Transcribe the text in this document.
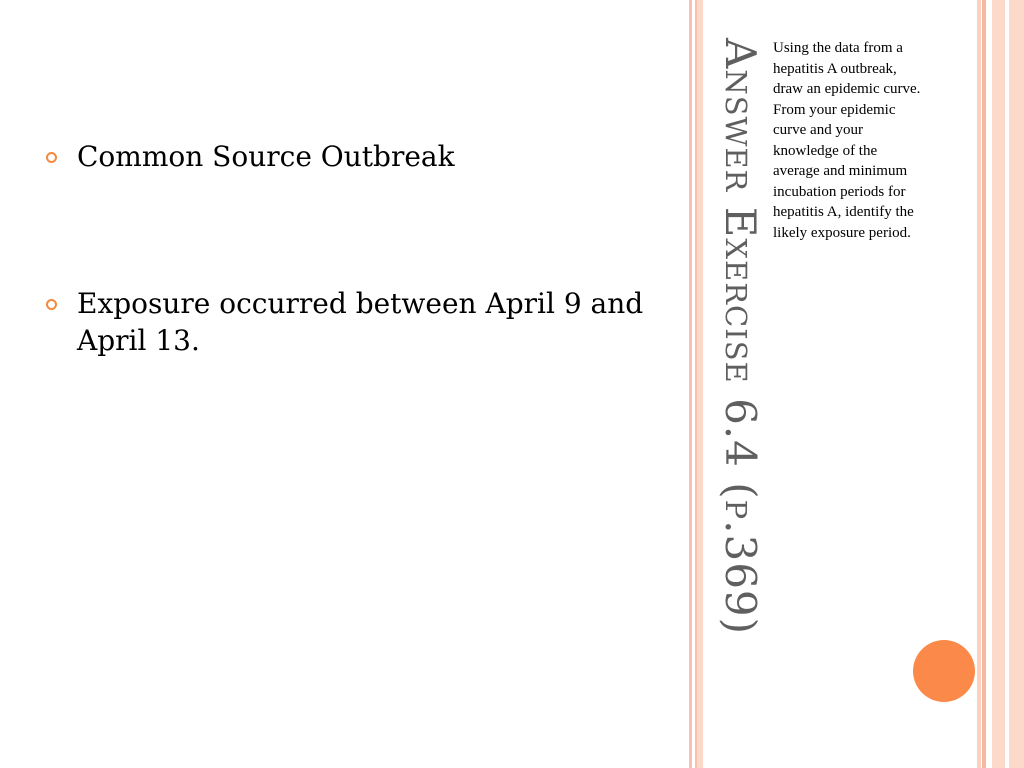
Common Source Outbreak
Exposure occurred between April 9 and April 13.	Answer Exercise 6.4 (p.369) Using the data from a hepatitis A outbreak, draw an epidemic curve. From your epidemic curve and your knowledge of the average and minimum incubation periods for hepatitis A, identify the likely exposure period.
